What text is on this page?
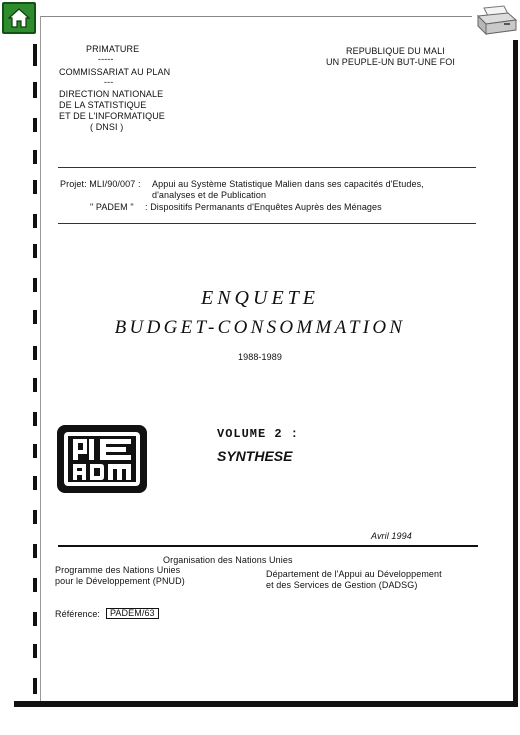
PRIMATURE
-----
COMMISSARIAT AU PLAN
---
DIRECTION NATIONALE
DE LA STATISTIQUE
ET DE L'INFORMATIQUE
( DNSI )
REPUBLIQUE DU MALI
UN PEUPLE-UN BUT-UNE FOI
Projet: MLI/90/007 : Appui au Système Statistique Malien dans ses capacités d'Etudes,
d'analyses et de Publication
" PADEM " : Dispositifs Permanants d'Enquêtes Auprès des Ménages
ENQUETE
BUDGET-CONSOMMATION
1988-1989
VOLUME 2 :
SYNTHESE
Avril 1994
Organisation des Nations Unies
Programme des Nations Unies
pour le Développement (PNUD)
Département de l'Appui au Développement
et des Services de Gestion (DADSG)
Référence:	PADEM/63
